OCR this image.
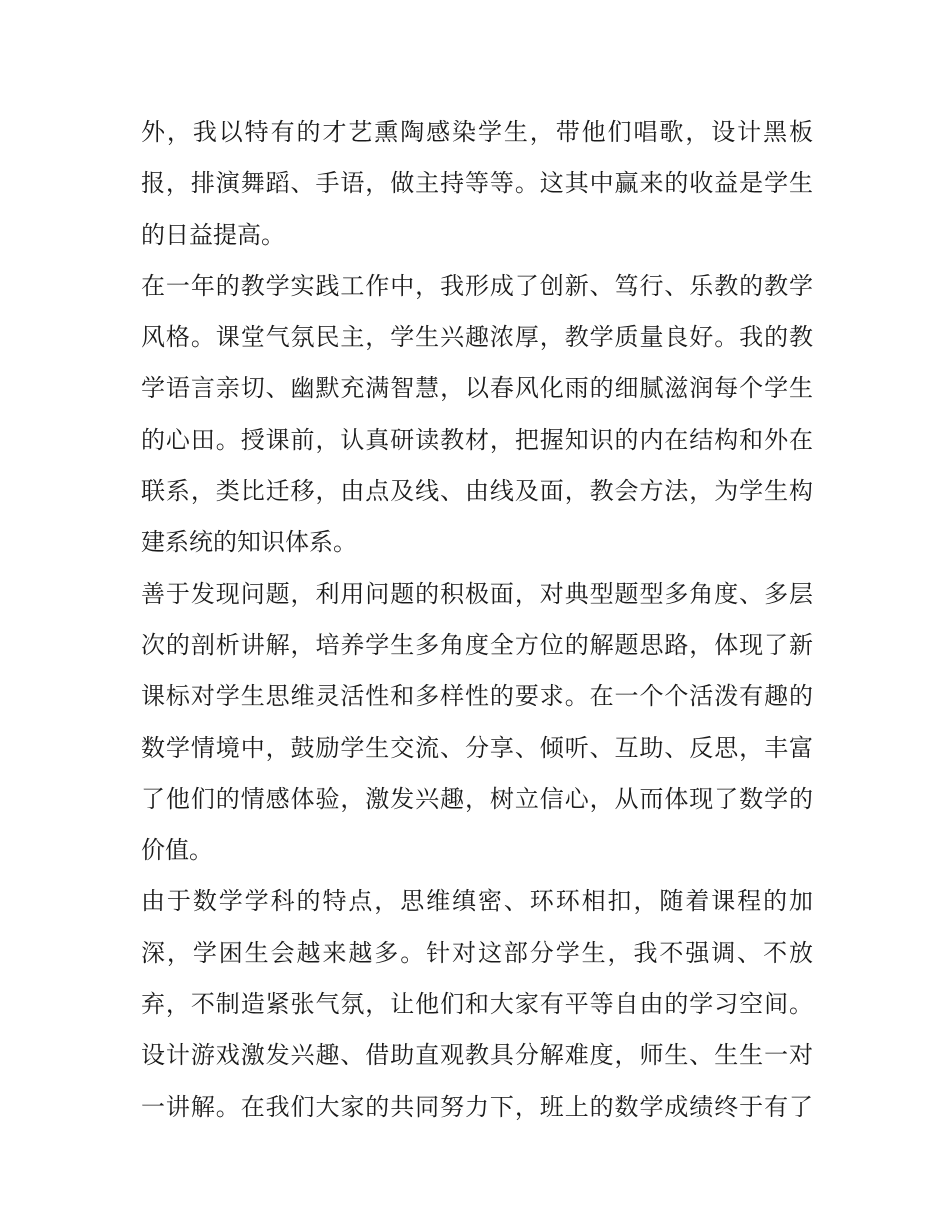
外，我以特有的才艺熏陶感染学生，带他们唱歌，设计黑板
报，排演舞蹈、手语，做主持等等。这其中赢来的收益是学生
的日益提高。
在一年的教学实践工作中，我形成了创新、笃行、乐教的教学
风格。课堂气氛民主，学生兴趣浓厚，教学质量良好。我的教
学语言亲切、幽默充满智慧，以春风化雨的细腻滋润每个学生
的心田。授课前，认真研读教材，把握知识的内在结构和外在
联系，类比迁移，由点及线、由线及面，教会方法，为学生构
建系统的知识体系。
善于发现问题，利用问题的积极面，对典型题型多角度、多层
次的剖析讲解，培养学生多角度全方位的解题思路，体现了新
课标对学生思维灵活性和多样性的要求。在一个个活泼有趣的
数学情境中，鼓励学生交流、分享、倾听、互助、反思，丰富
了他们的情感体验，激发兴趣，树立信心，从而体现了数学的
价值。
由于数学学科的特点，思维缜密、环环相扣，随着课程的加
深，学困生会越来越多。针对这部分学生，我不强调、不放
弃，不制造紧张气氛，让他们和大家有平等自由的学习空间。
设计游戏激发兴趣、借助直观教具分解难度，师生、生生一对
一讲解。在我们大家的共同努力下，班上的数学成绩终于有了
